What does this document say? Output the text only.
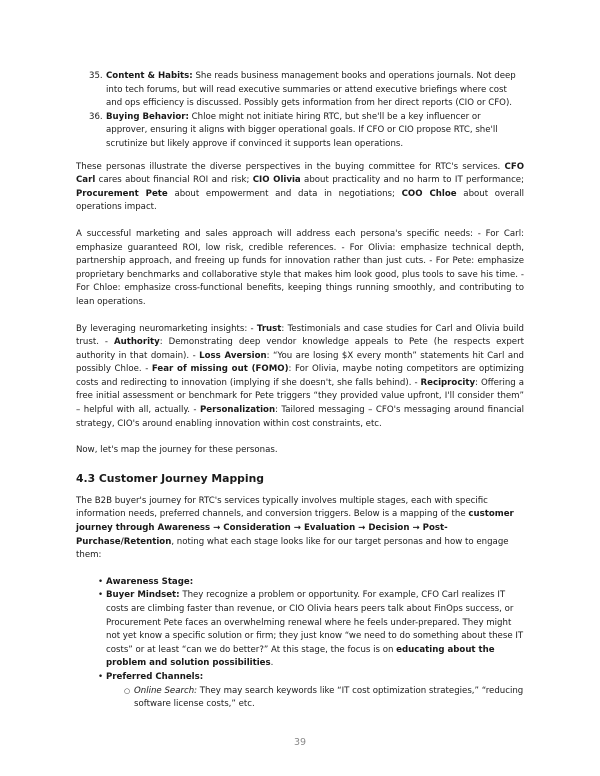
35. Content & Habits: She reads business management books and operations journals. Not deep into tech forums, but will read executive summaries or attend executive briefings where cost and ops efficiency is discussed. Possibly gets information from her direct reports (CIO or CFO).
36. Buying Behavior: Chloe might not initiate hiring RTC, but she'll be a key influencer or approver, ensuring it aligns with bigger operational goals. If CFO or CIO propose RTC, she'll scrutinize but likely approve if convinced it supports lean operations.

These personas illustrate the diverse perspectives in the buying committee for RTC's services. CFO Carl cares about financial ROI and risk; CIO Olivia about practicality and no harm to IT performance; Procurement Pete about empowerment and data in negotiations; COO Chloe about overall operations impact.

A successful marketing and sales approach will address each persona's specific needs: - For Carl: emphasize guaranteed ROI, low risk, credible references. - For Olivia: emphasize technical depth, partnership approach, and freeing up funds for innovation rather than just cuts. - For Pete: emphasize proprietary benchmarks and collaborative style that makes him look good, plus tools to save his time. - For Chloe: emphasize cross-functional benefits, keeping things running smoothly, and contributing to lean operations.

By leveraging neuromarketing insights: - Trust: Testimonials and case studies for Carl and Olivia build trust. - Authority: Demonstrating deep vendor knowledge appeals to Pete (he respects expert authority in that domain). - Loss Aversion: “You are losing $X every month” statements hit Carl and possibly Chloe. - Fear of missing out (FOMO): For Olivia, maybe noting competitors are optimizing costs and redirecting to innovation (implying if she doesn't, she falls behind). - Reciprocity: Offering a free initial assessment or benchmark for Pete triggers “they provided value upfront, I'll consider them” – helpful with all, actually. - Personalization: Tailored messaging – CFO's messaging around financial strategy, CIO's around enabling innovation within cost constraints, etc.

Now, let's map the journey for these personas.

4.3 Customer Journey Mapping

The B2B buyer's journey for RTC's services typically involves multiple stages, each with specific information needs, preferred channels, and conversion triggers. Below is a mapping of the customer journey through Awareness → Consideration → Evaluation → Decision → Post-Purchase/Retention, noting what each stage looks like for our target personas and how to engage them:

• Awareness Stage:
• Buyer Mindset: They recognize a problem or opportunity. For example, CFO Carl realizes IT costs are climbing faster than revenue, or CIO Olivia hears peers talk about FinOps success, or Procurement Pete faces an overwhelming renewal where he feels under-prepared. They might not yet know a specific solution or firm; they just know “we need to do something about these IT costs” or at least “can we do better?” At this stage, the focus is on educating about the problem and solution possibilities.
• Preferred Channels:
○ Online Search: They may search keywords like “IT cost optimization strategies,” “reducing software license costs,” etc.
39
